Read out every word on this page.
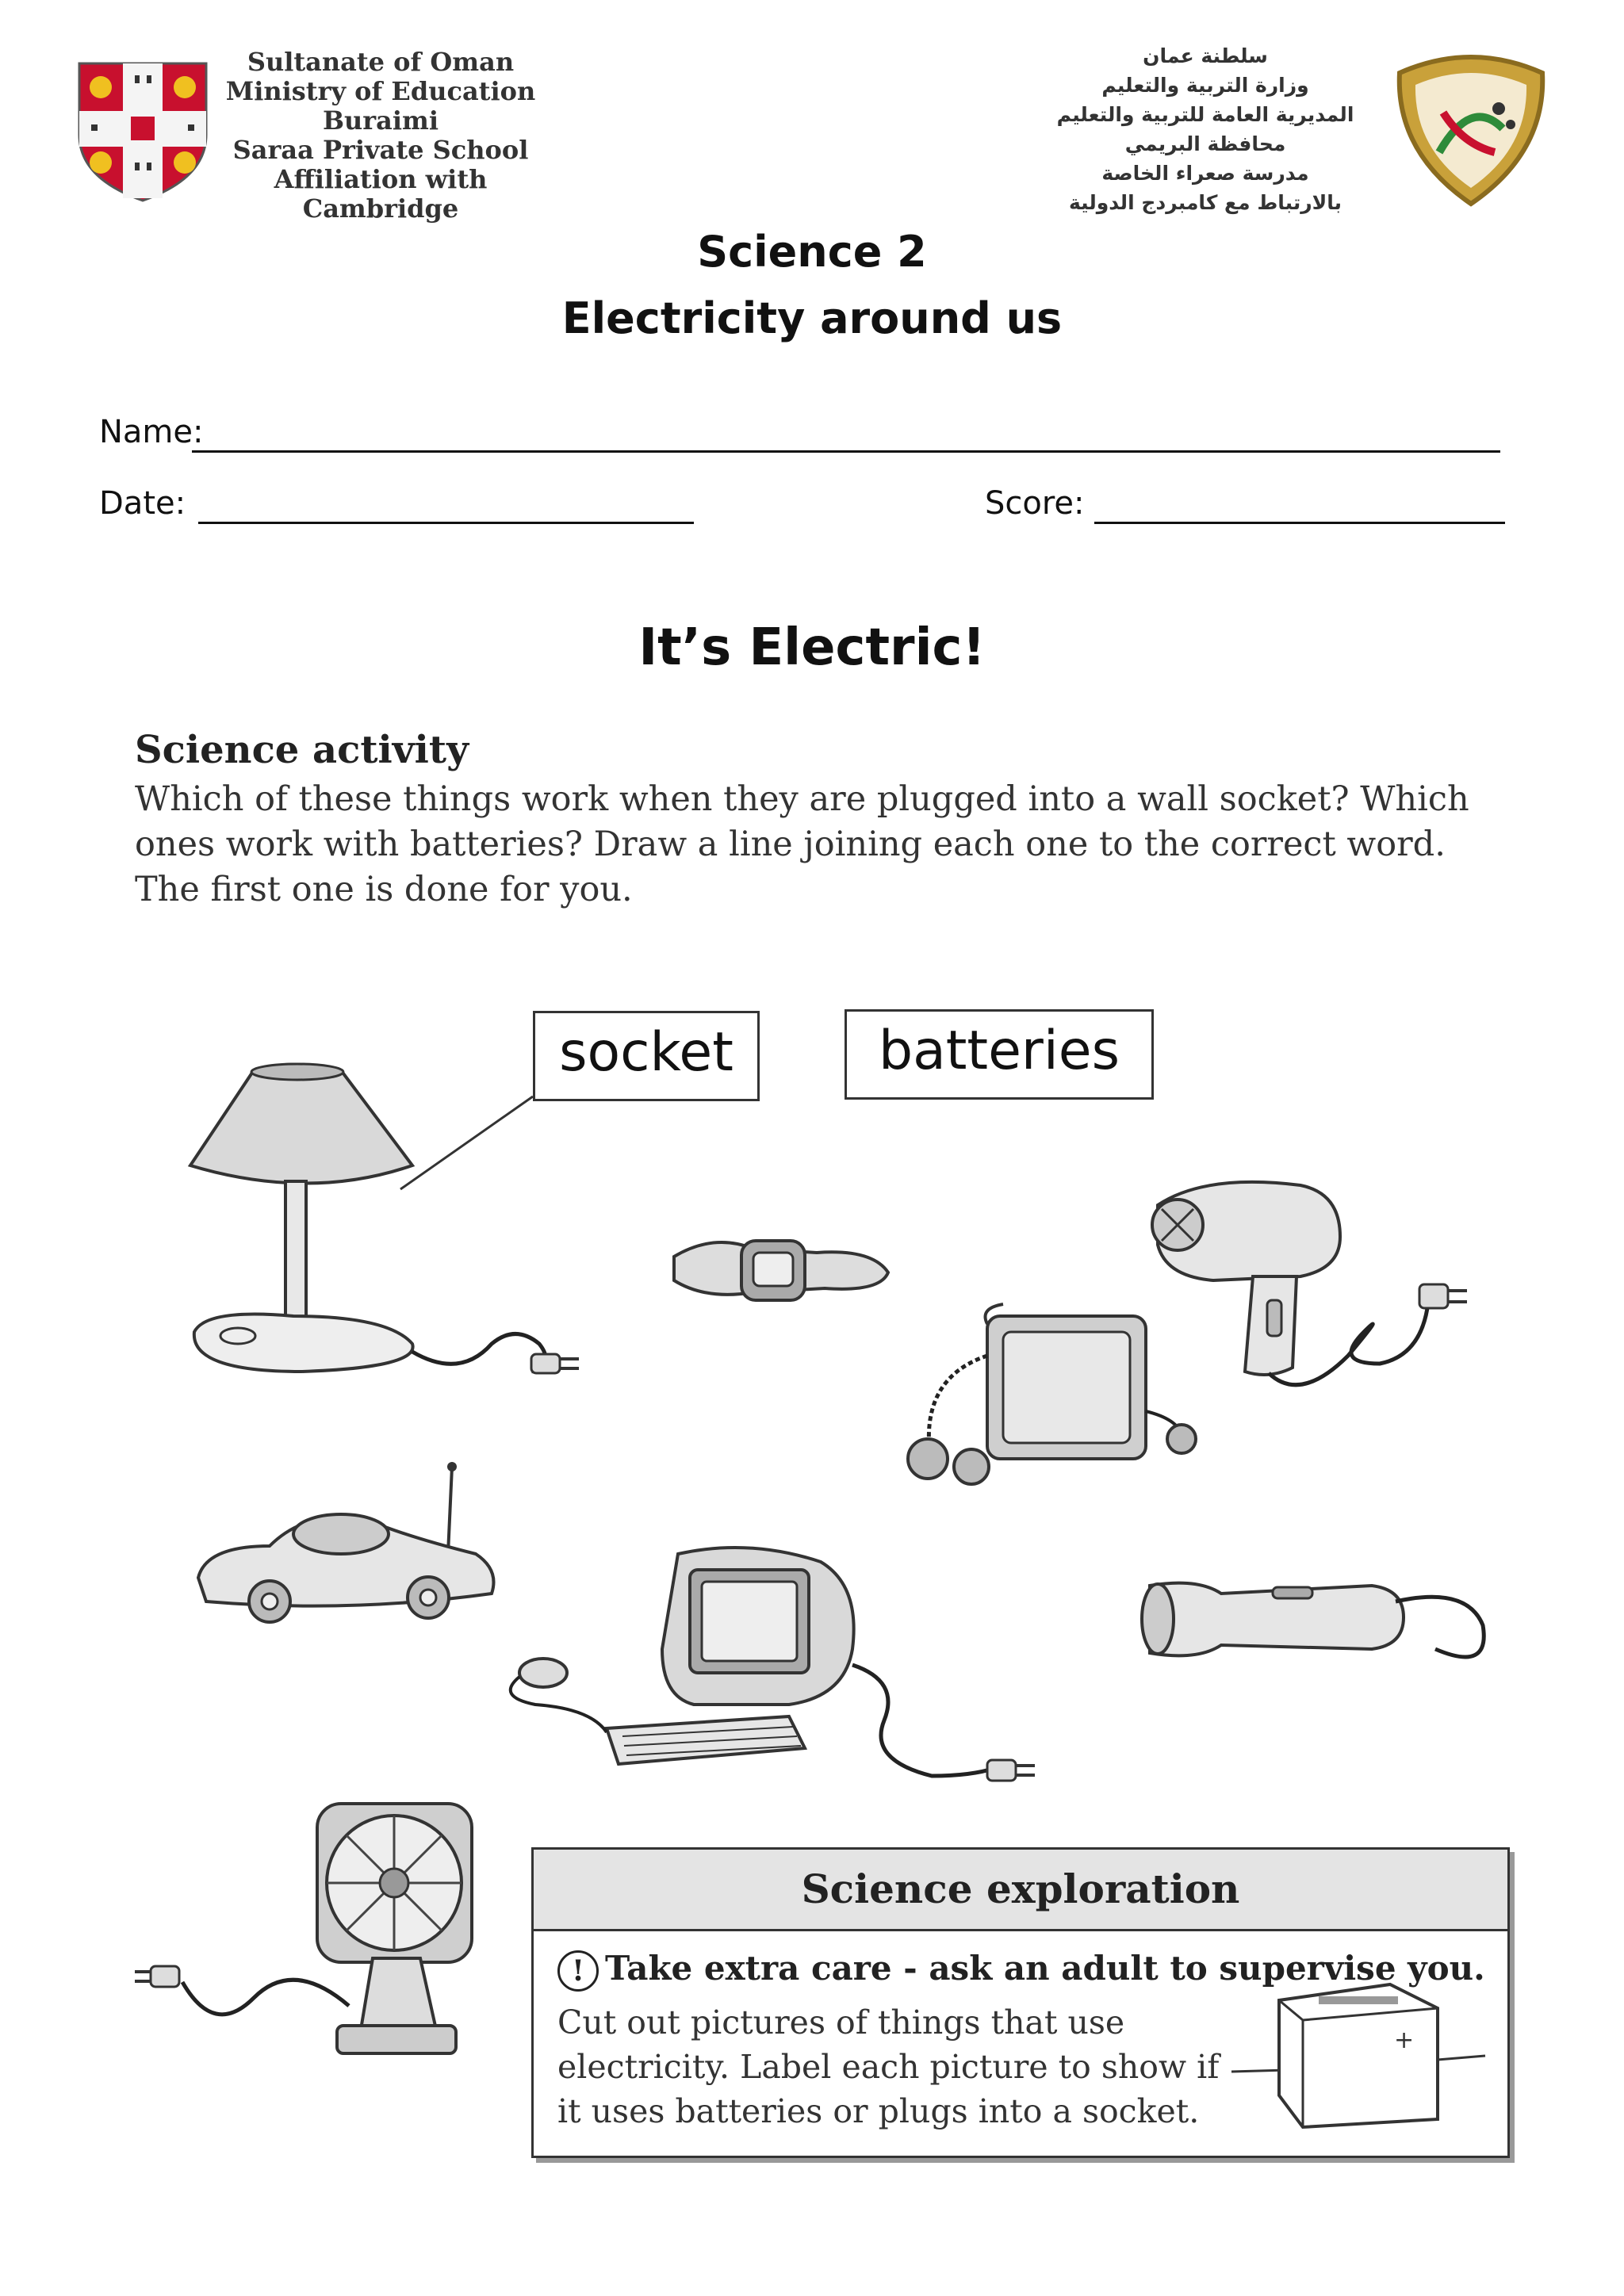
Sultanate of Oman
Ministry of Education
Buraimi
Saraa Private School
Affiliation with Cambridge
سلطنة عمان
وزارة التربية والتعليم
المديرية العامة للتربية والتعليم
محافظة البريمي
مدرسة صعراء الخاصة
بالارتباط مع كامبردج الدولية
Science 2
Electricity around us
Name:
Date:	Score:
It’s Electric!
Science activity
Which of these things work when they are plugged into a wall socket? Which ones work with batteries? Draw a line joining each one to the correct word. The first one is done for you.
socket	batteries
Science exploration
! Take extra care - ask an adult to supervise you.
Cut out pictures of things that use electricity. Label each picture to show if it uses batteries or plugs into a socket.
+
